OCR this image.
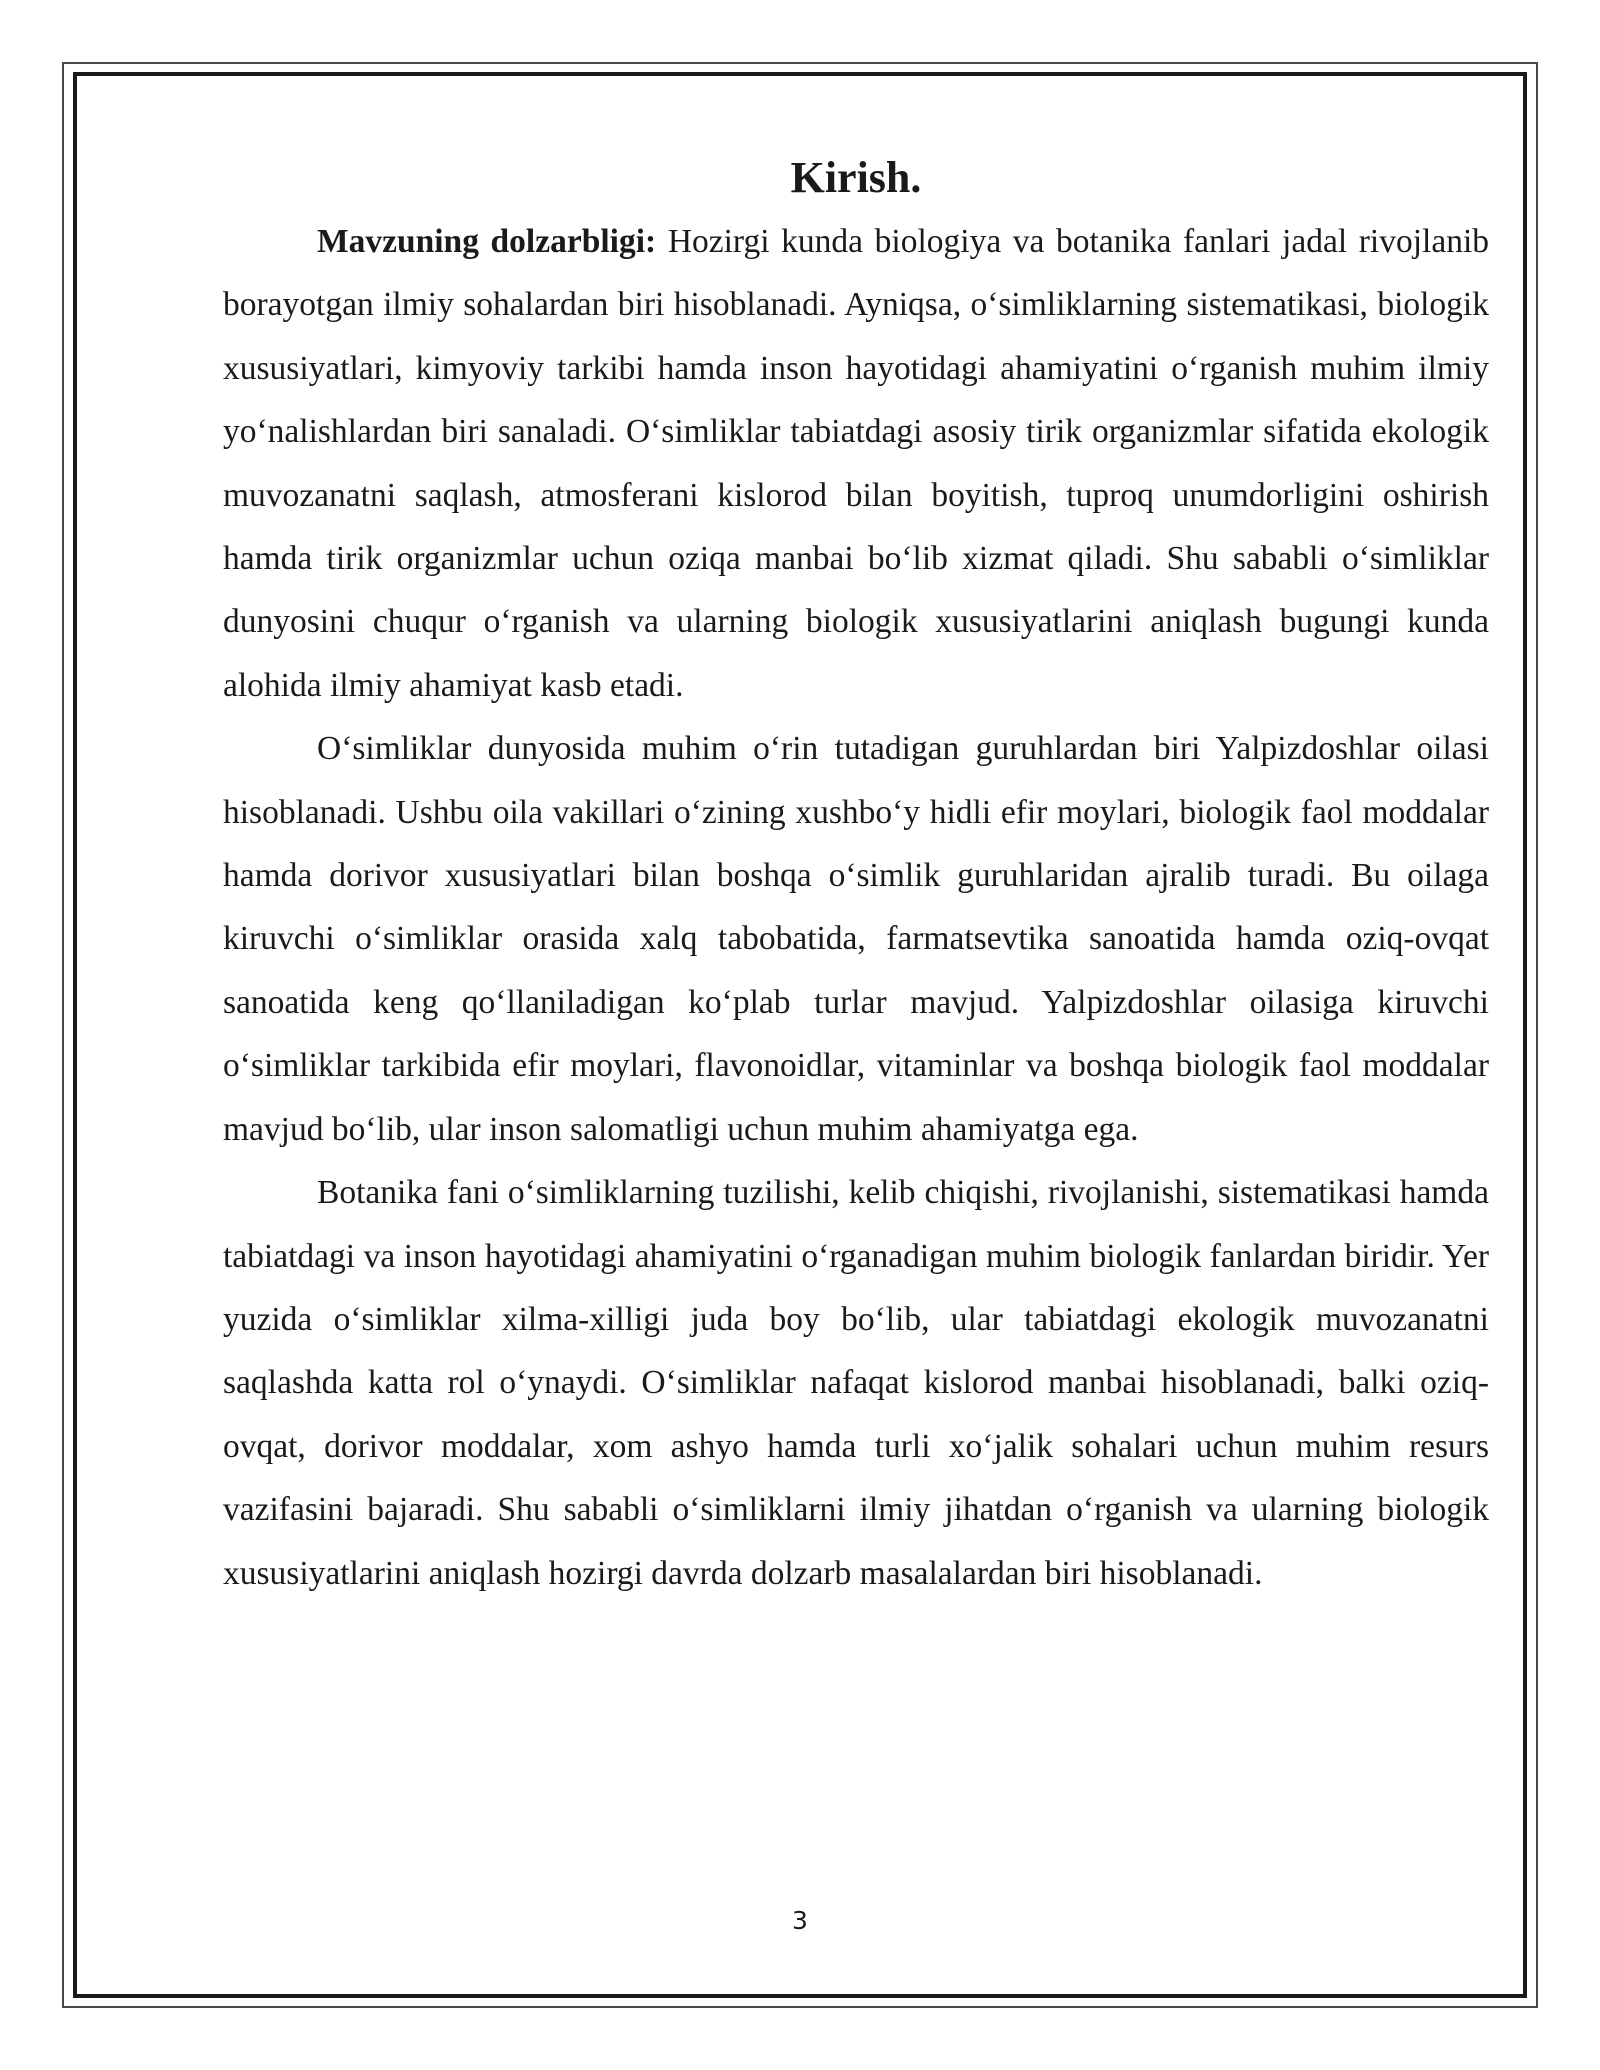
Kirish.

Mavzuning dolzarbligi: Hozirgi kunda biologiya va botanika fanlari jadal rivojlanib borayotgan ilmiy sohalardan biri hisoblanadi. Ayniqsa, oʻsimliklarning sistematikasi, biologik xususiyatlari, kimyoviy tarkibi hamda inson hayotidagi ahamiyatini oʻrganish muhim ilmiy yoʻnalishlardan biri sanaladi. Oʻsimliklar tabiatdagi asosiy tirik organizmlar sifatida ekologik muvozanatni saqlash, atmosferani kislorod bilan boyitish, tuproq unumdorligini oshirish hamda tirik organizmlar uchun oziqa manbai boʻlib xizmat qiladi. Shu sababli oʻsimliklar dunyosini chuqur oʻrganish va ularning biologik xususiyatlarini aniqlash bugungi kunda alohida ilmiy ahamiyat kasb etadi.

Oʻsimliklar dunyosida muhim oʻrin tutadigan guruhlardan biri Yalpizdoshlar oilasi hisoblanadi. Ushbu oila vakillari oʻzining xushboʻy hidli efir moylari, biologik faol moddalar hamda dorivor xususiyatlari bilan boshqa oʻsimlik guruhlaridan ajralib turadi. Bu oilaga kiruvchi oʻsimliklar orasida xalq tabobatida, farmatsevtika sanoatida hamda oziq-ovqat sanoatida keng qoʻllaniladigan koʻplab turlar mavjud. Yalpizdoshlar oilasiga kiruvchi oʻsimliklar tarkibida efir moylari, flavonoidlar, vitaminlar va boshqa biologik faol moddalar mavjud boʻlib, ular inson salomatligi uchun muhim ahamiyatga ega.

Botanika fani oʻsimliklarning tuzilishi, kelib chiqishi, rivojlanishi, sistematikasi hamda tabiatdagi va inson hayotidagi ahamiyatini oʻrganadigan muhim biologik fanlardan biridir. Yer yuzida oʻsimliklar xilma-xilligi juda boy boʻlib, ular tabiatdagi ekologik muvozanatni saqlashda katta rol oʻynaydi. Oʻsimliklar nafaqat kislorod manbai hisoblanadi, balki oziq-ovqat, dorivor moddalar, xom ashyo hamda turli xoʻjalik sohalari uchun muhim resurs vazifasini bajaradi. Shu sababli oʻsimliklarni ilmiy jihatdan oʻrganish va ularning biologik xususiyatlarini aniqlash hozirgi davrda dolzarb masalalardan biri hisoblanadi.

3
